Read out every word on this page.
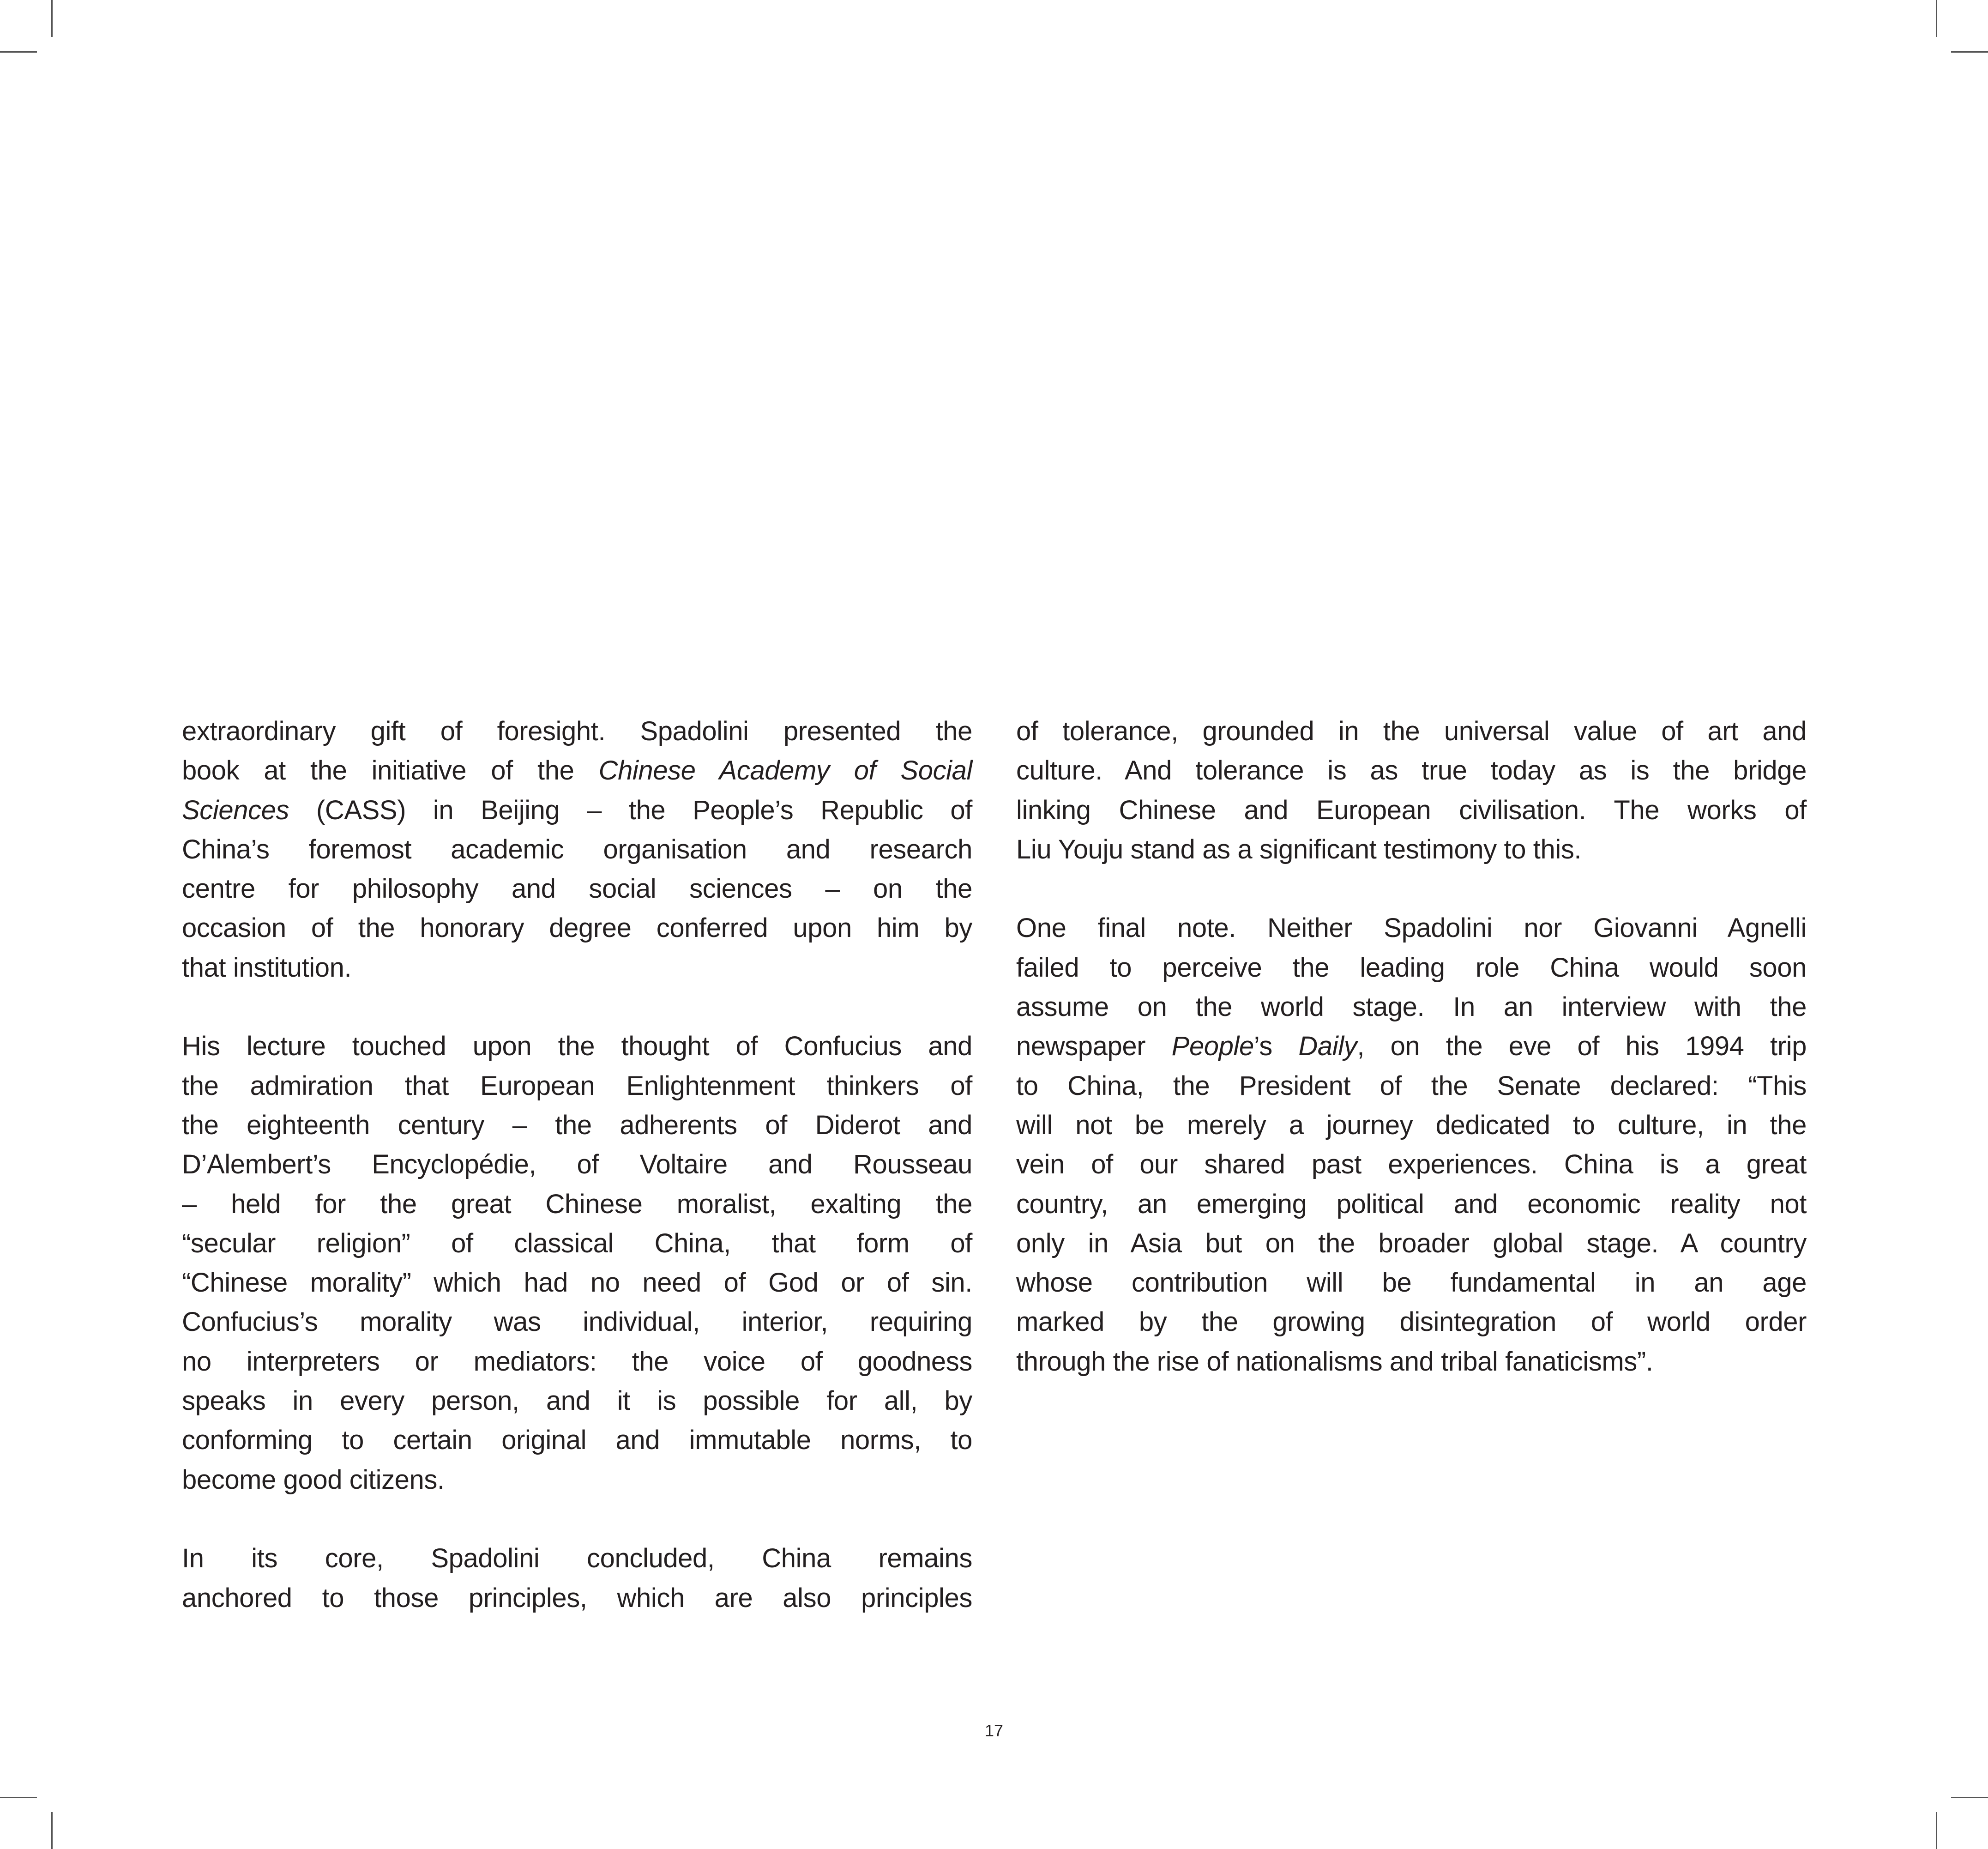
extraordinary gift of foresight. Spadolini presented the
book at the initiative of the Chinese Academy of Social
Sciences (CASS) in Beijing – the People’s Republic of
China’s foremost academic organisation and research
centre for philosophy and social sciences – on the
occasion of the honorary degree conferred upon him by
that institution.
His lecture touched upon the thought of Confucius and
the admiration that European Enlightenment thinkers of
the eighteenth century – the adherents of Diderot and
D’Alembert’s Encyclopédie, of Voltaire and Rousseau
– held for the great Chinese moralist, exalting the
“secular religion” of classical China, that form of
“Chinese morality” which had no need of God or of sin.
Confucius’s morality was individual, interior, requiring
no interpreters or mediators: the voice of goodness
speaks in every person, and it is possible for all, by
conforming to certain original and immutable norms, to
become good citizens.
In its core, Spadolini concluded, China remains
anchored to those principles, which are also principles
of tolerance, grounded in the universal value of art and
culture. And tolerance is as true today as is the bridge
linking Chinese and European civilisation. The works of
Liu Youju stand as a significant testimony to this.
One final note. Neither Spadolini nor Giovanni Agnelli
failed to perceive the leading role China would soon
assume on the world stage. In an interview with the
newspaper People’s Daily, on the eve of his 1994 trip
to China, the President of the Senate declared: “This
will not be merely a journey dedicated to culture, in the
vein of our shared past experiences. China is a great
country, an emerging political and economic reality not
only in Asia but on the broader global stage. A country
whose contribution will be fundamental in an age
marked by the growing disintegration of world order
through the rise of nationalisms and tribal fanaticisms”.
17
